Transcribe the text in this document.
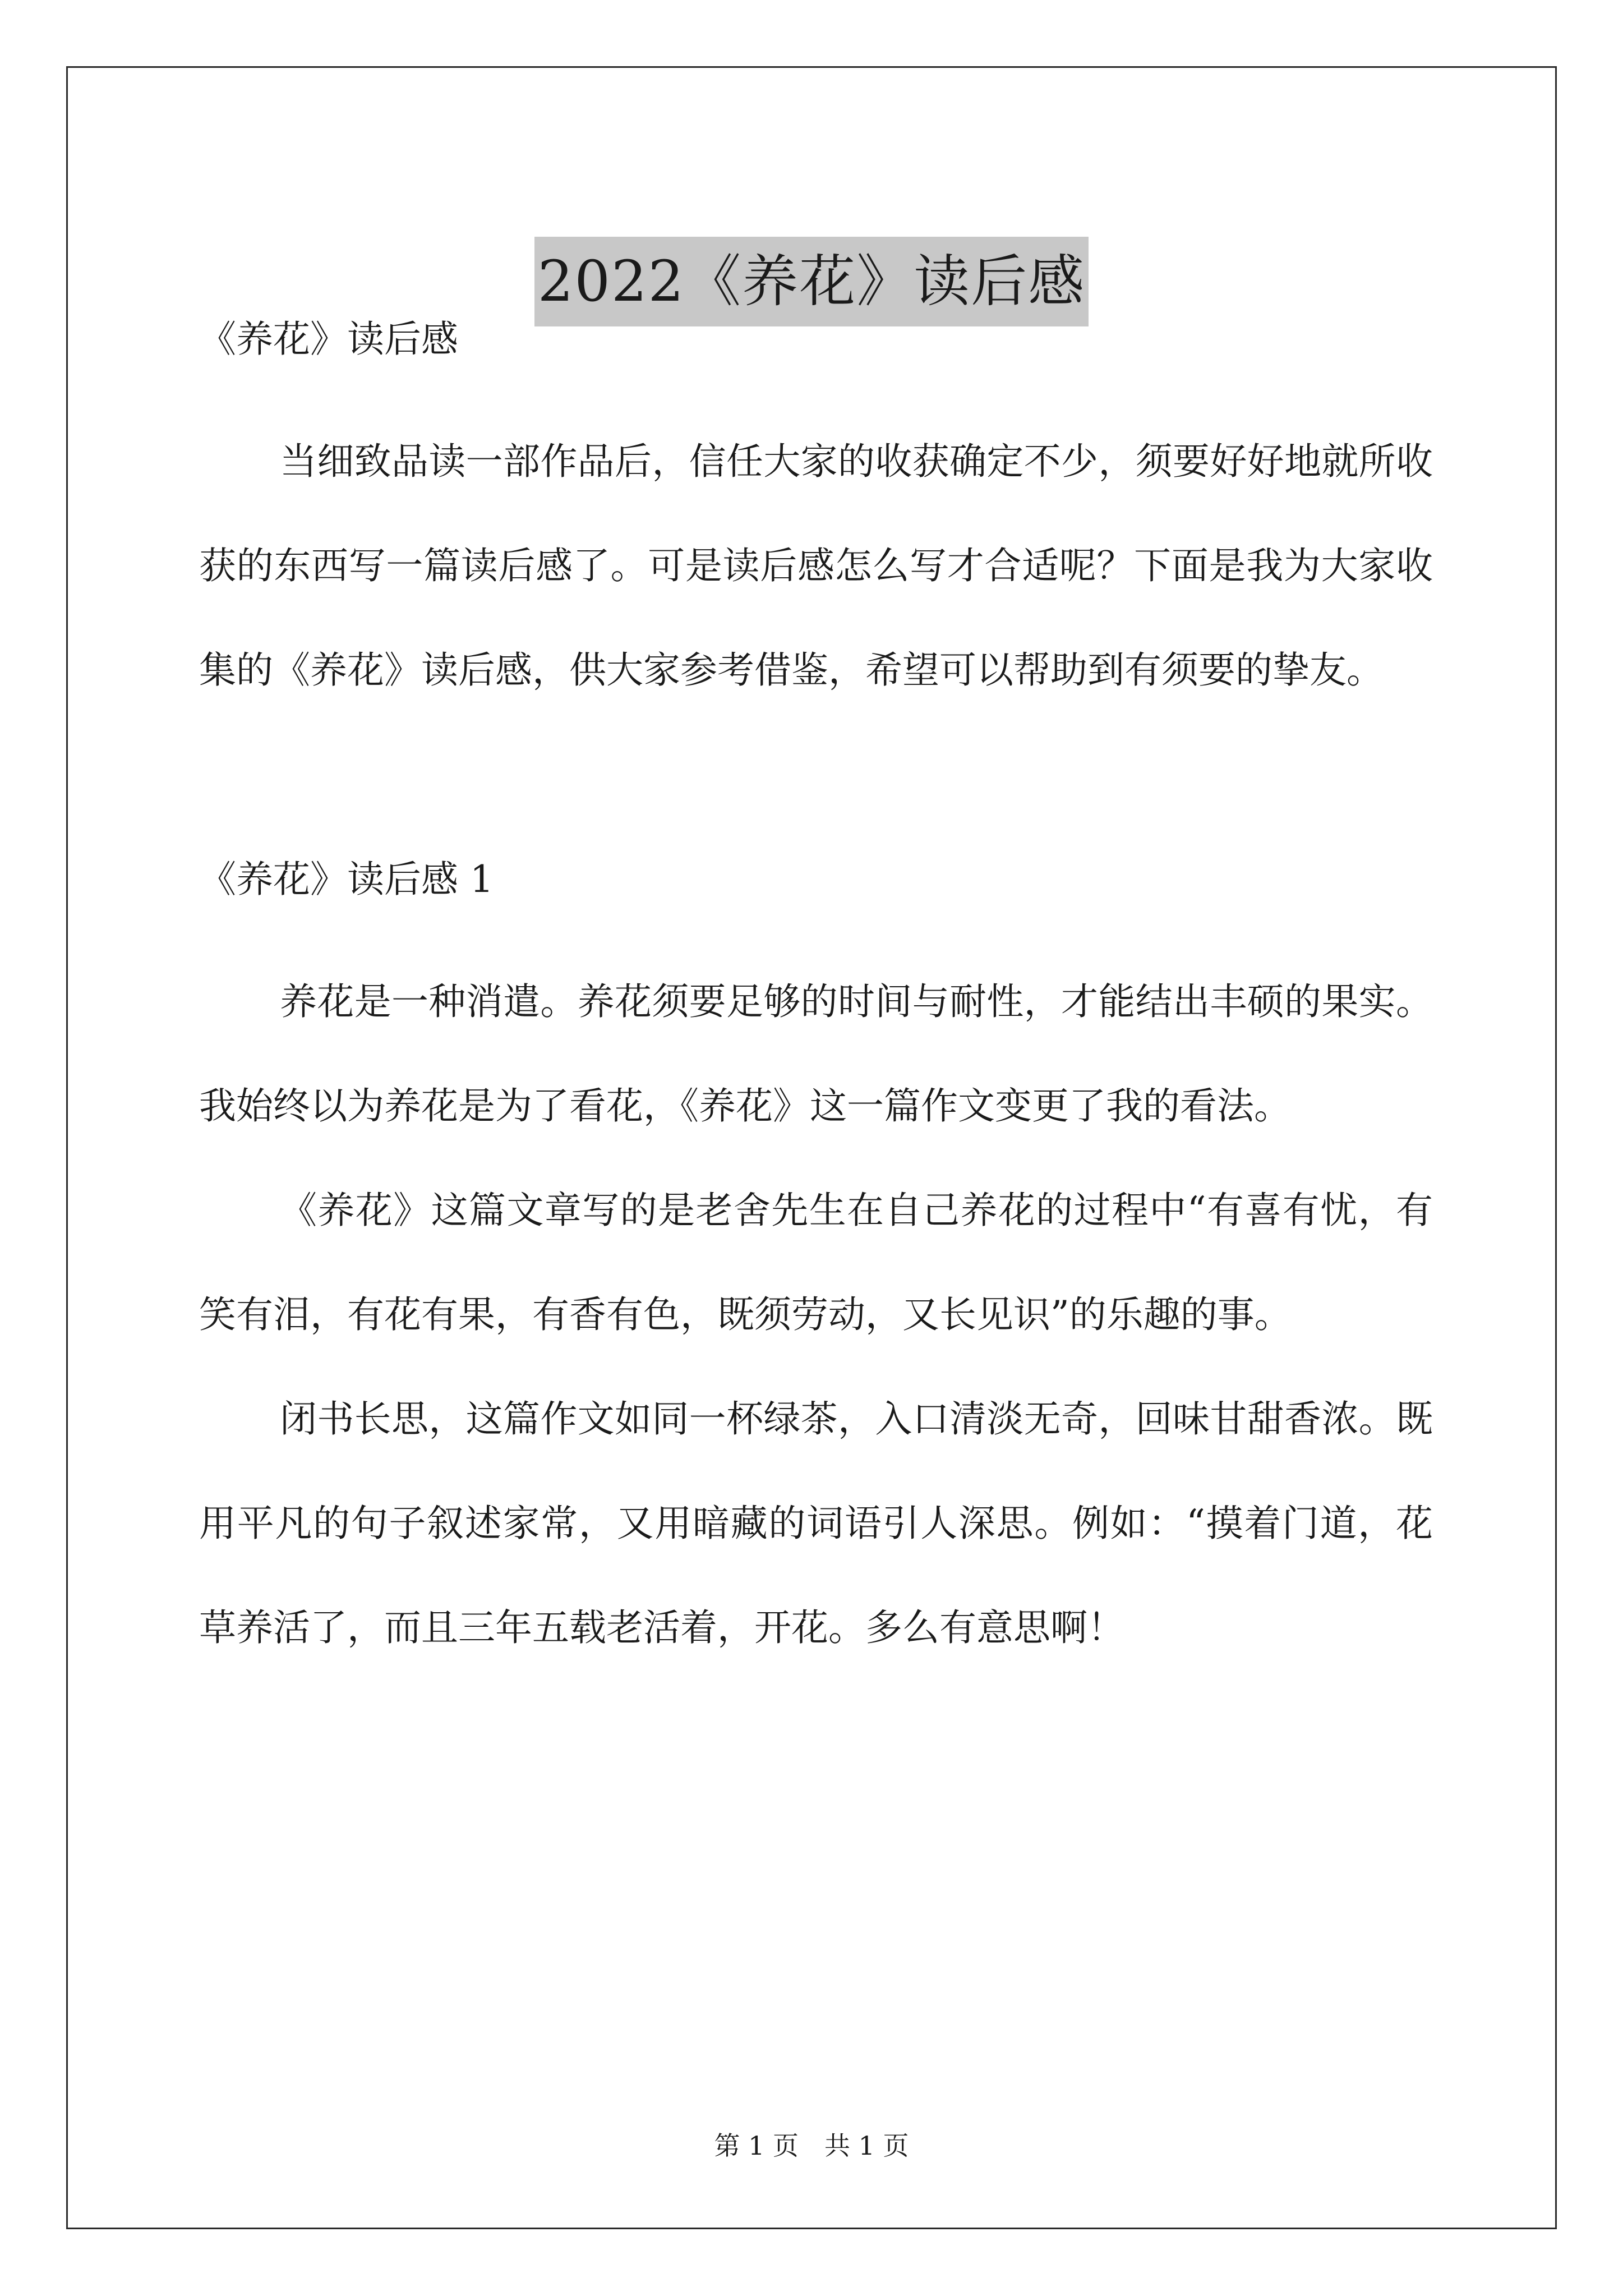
2022《养花》读后感

《养花》读后感

当细致品读一部作品后，信任大家的收获确定不少，须要好好地就所收获的东西写一篇读后感了。可是读后感怎么写才合适呢？下面是我为大家收集的《养花》读后感，供大家参考借鉴，希望可以帮助到有须要的挚友。

《养花》读后感 1

养花是一种消遣。养花须要足够的时间与耐性，才能结出丰硕的果实。我始终以为养花是为了看花，《养花》这一篇作文变更了我的看法。

《养花》这篇文章写的是老舍先生在自己养花的过程中“有喜有忧，有笑有泪，有花有果，有香有色，既须劳动，又长见识”的乐趣的事。

闭书长思，这篇作文如同一杯绿茶，入口清淡无奇，回味甘甜香浓。既用平凡的句子叙述家常，又用暗藏的词语引人深思。例如：“摸着门道，花草养活了，而且三年五载老活着，开花。多么有意思啊！

第 1 页　共 1 页
